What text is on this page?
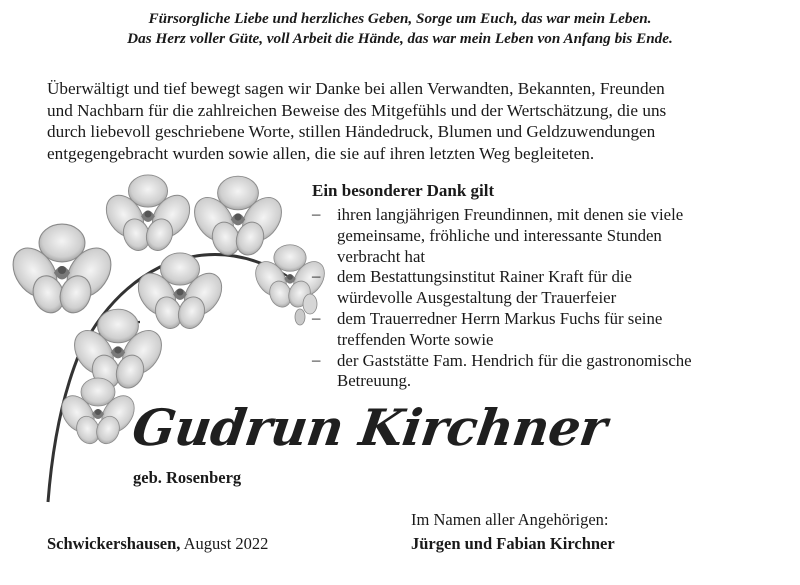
Fürsorgliche Liebe und herzliches Geben, Sorge um Euch, das war mein Leben.
Das Herz voller Güte, voll Arbeit die Hände, das war mein Leben von Anfang bis Ende.
Überwältigt und tief bewegt sagen wir Danke bei allen Verwandten, Bekannten, Freunden
und Nachbarn für die zahlreichen Beweise des Mitgefühls und der Wertschätzung, die uns
durch liebevoll geschriebene Worte, stillen Händedruck, Blumen und Geldzuwendungen
entgegengebracht wurden sowie allen, die sie auf ihren letzten Weg begleiteten.
Ein besonderer Dank gilt
– ihren langjährigen Freundinnen, mit denen sie viele
gemeinsame, fröhliche und interessante Stunden
verbracht hat
– dem Bestattungsinstitut Rainer Kraft für die
würdevolle Ausgestaltung der Trauerfeier
– dem Trauerredner Herrn Markus Fuchs für seine
treffenden Worte sowie
– der Gaststätte Fam. Hendrich für die gastronomische
Betreuung.
Gudrun Kirchner
geb. Rosenberg
Schwickershausen, August 2022
Im Namen aller Angehörigen:
Jürgen und Fabian Kirchner
